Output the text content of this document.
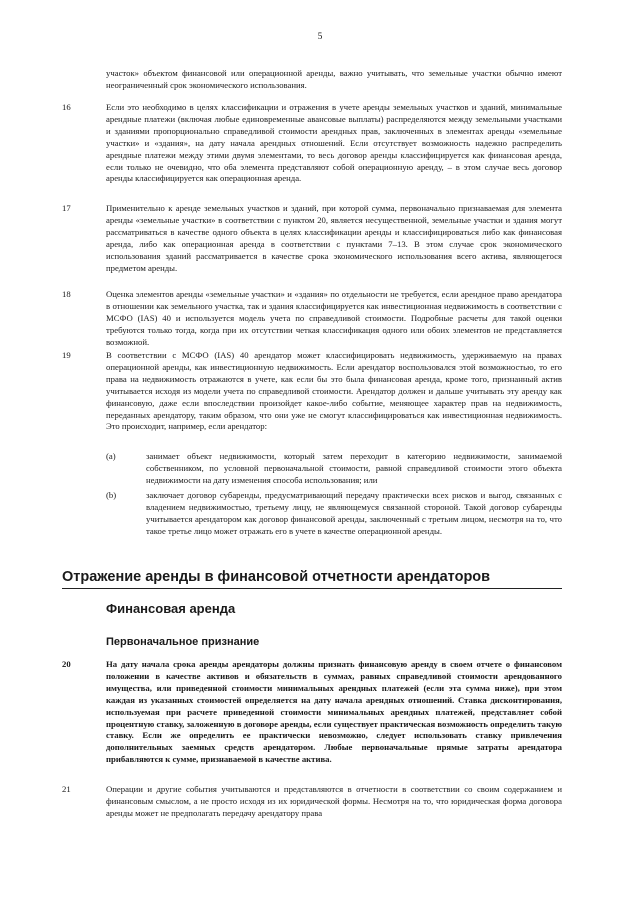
5
участок» объектом финансовой или операционной аренды, важно учитывать, что земельные участки обычно имеют неограниченный срок экономического использования.
16	Если это необходимо в целях классификации и отражения в учете аренды земельных участков и зданий, минимальные арендные платежи (включая любые единовременные авансовые выплаты) распределяются между земельными участками и зданиями пропорционально справедливой стоимости арендных прав, заключенных в элементах аренды «земельные участки» и «здания», на дату начала арендных отношений. Если отсутствует возможность надежно распределить арендные платежи между этими двумя элементами, то весь договор аренды классифицируется как финансовая аренда, если только не очевидно, что оба элемента представляют собой операционную аренду, – в этом случае весь договор аренды классифицируется как операционная аренда.
17	Применительно к аренде земельных участков и зданий, при которой сумма, первоначально признаваемая для элемента аренды «земельные участки» в соответствии с пунктом 20, является несущественной, земельные участки и здания могут рассматриваться в качестве одного объекта в целях классификации аренды и классифицироваться либо как финансовая аренда, либо как операционная аренда в соответствии с пунктами 7–13. В этом случае срок экономического использования зданий рассматривается в качестве срока экономического использования всего актива, являющегося предметом аренды.
18	Оценка элементов аренды «земельные участки» и «здания» по отдельности не требуется, если арендное право арендатора в отношении как земельного участка, так и здания классифицируется как инвестиционная недвижимость в соответствии с МСФО (IAS) 40 и используется модель учета по справедливой стоимости. Подробные расчеты для такой оценки требуются только тогда, когда при их отсутствии четкая классификация одного или обоих элементов не представляется возможной.
19	В соответствии с МСФО (IAS) 40 арендатор может классифицировать недвижимость, удерживаемую на правах операционной аренды, как инвестиционную недвижимость. Если арендатор воспользовался этой возможностью, то его права на недвижимость отражаются в учете, как если бы это была финансовая аренда, кроме того, признанный актив учитывается исходя из модели учета по справедливой стоимости. Арендатор должен и дальше учитывать эту аренду как финансовую, даже если впоследствии произойдет какое-либо событие, меняющее характер прав на недвижимость, переданных арендатору, таким образом, что они уже не смогут классифицироваться как инвестиционная недвижимость. Это происходит, например, если арендатор:
(a)	занимает объект недвижимости, который затем переходит в категорию недвижимости, занимаемой собственником, по условной первоначальной стоимости, равной справедливой стоимости этого объекта недвижимости на дату изменения способа использования; или
(b)	заключает договор субаренды, предусматривающий передачу практически всех рисков и выгод, связанных с владением недвижимостью, третьему лицу, не являющемуся связанной стороной. Такой договор субаренды учитывается арендатором как договор финансовой аренды, заключенный с третьим лицом, несмотря на то, что такое третье лицо может отражать его в учете в качестве операционной аренды.
Отражение аренды в финансовой отчетности арендаторов
Финансовая аренда
Первоначальное признание
20	На дату начала срока аренды арендаторы должны признать финансовую аренду в своем отчете о финансовом положении в качестве активов и обязательств в суммах, равных справедливой стоимости арендованного имущества, или приведенной стоимости минимальных арендных платежей (если эта сумма ниже), при этом каждая из указанных стоимостей определяется на дату начала арендных отношений. Ставка дисконтирования, используемая при расчете приведенной стоимости минимальных арендных платежей, представляет собой процентную ставку, заложенную в договоре аренды, если существует практическая возможность определить такую ставку. Если же определить ее практически невозможно, следует использовать ставку привлечения дополнительных заемных средств арендатором. Любые первоначальные прямые затраты арендатора прибавляются к сумме, признаваемой в качестве актива.
21	Операции и другие события учитываются и представляются в отчетности в соответствии со своим содержанием и финансовым смыслом, а не просто исходя из их юридической формы. Несмотря на то, что юридическая форма договора аренды может не предполагать передачу арендатору права
